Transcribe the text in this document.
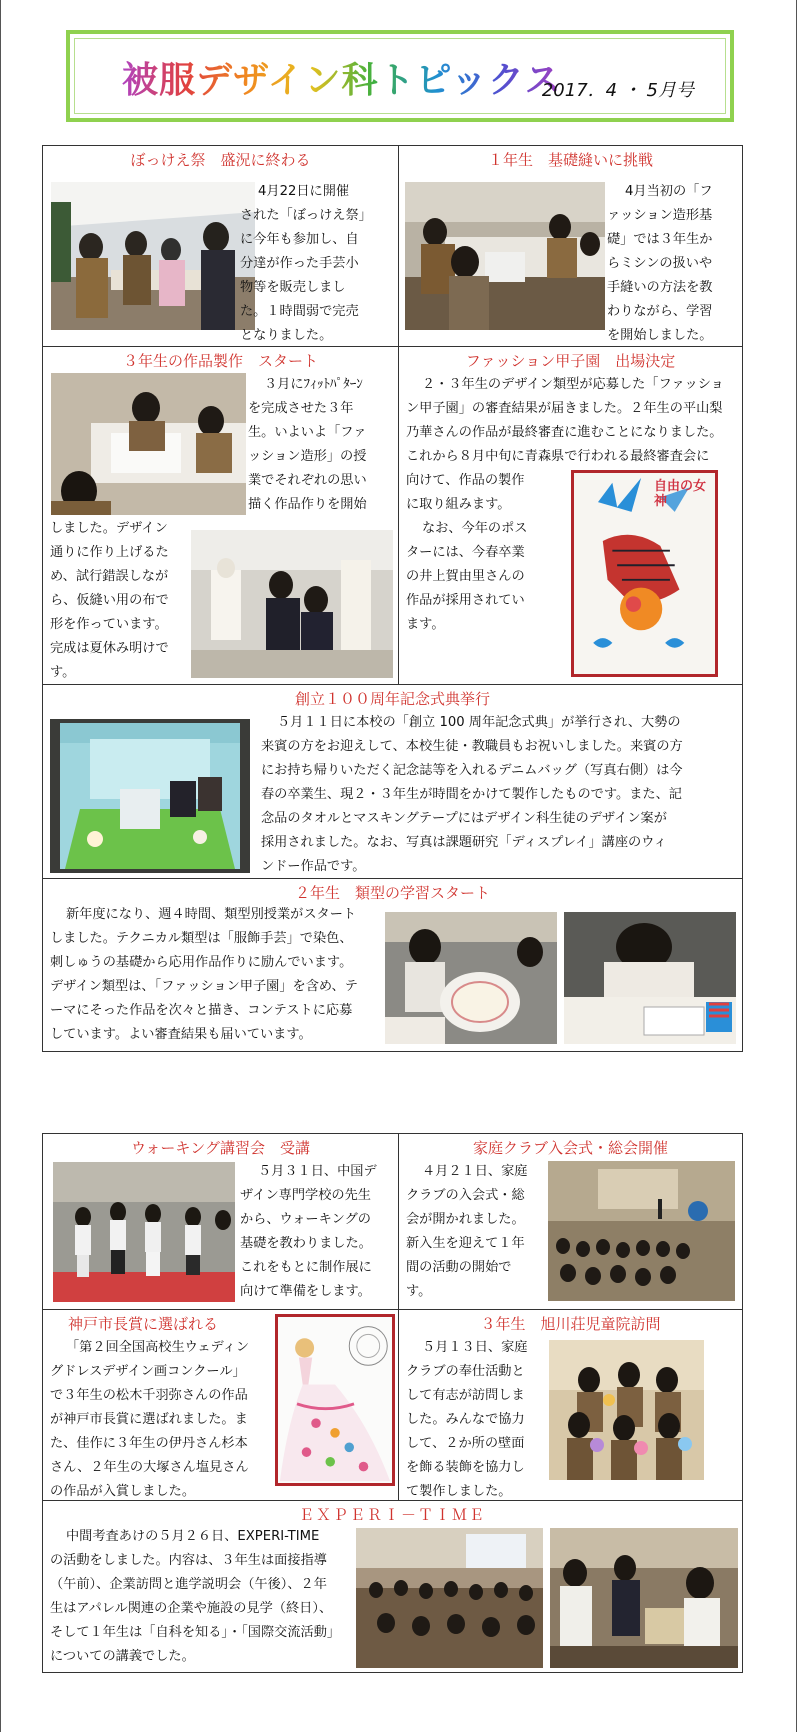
被服デザイン科トピックス
2017．4 ・ 5月号
ぼっけえ祭　盛況に終わる
4月22日に開催
された「ぼっけえ祭」
に今年も参加し、自
分達が作った手芸小
物等を販売しまし
た。１時間弱で完売
となりました。
１年生　基礎縫いに挑戦
4月当初の「フ
ァッション造形基
礎」では３年生か
らミシンの扱いや
手縫いの方法を教
わりながら、学習
を開始しました。
３年生の作品製作　スタート
３月にﾌｨｯﾄﾊﾟﾀｰﾝ
を完成させた３年
生。いよいよ「ファ
ッション造形」の授
業でそれぞれの思い
描く作品作りを開始
しました。デザイン
通りに作り上げるた
め、試行錯誤しなが
ら、仮縫い用の布で
形を作っています。
完成は夏休み明けで
す。
ファッション甲子園　出場決定
２・３年生のデザイン類型が応募した「ファッショ
ン甲子園」の審査結果が届きました。２年生の平山梨
乃華さんの作品が最終審査に進むことになりました。
これから８月中旬に青森県で行われる最終審査会に
向けて、作品の製作
に取り組みます。
なお、今年のポス
ターには、今春卒業
の井上賀由里さんの
作品が採用されてい
ます。
自由の女神
創立１００周年記念式典挙行
５月１１日に本校の「創立 100 周年記念式典」が挙行され、大勢の
来賓の方をお迎えして、本校生徒・教職員もお祝いしました。来賓の方
にお持ち帰りいただく記念誌等を入れるデニムバッグ（写真右側）は今
春の卒業生、現２・３年生が時間をかけて製作したものです。また、記
念品のタオルとマスキングテープにはデザイン科生徒のデザイン案が
採用されました。なお、写真は課題研究「ディスプレイ」講座のウィ
ンドー作品です。
２年生　類型の学習スタート
新年度になり、週４時間、類型別授業がスタート
しました。テクニカル類型は「服飾手芸」で染色、
刺しゅうの基礎から応用作品作りに励んでいます。
デザイン類型は、「ファッション甲子園」を含め、テ
ーマにそった作品を次々と描き、コンテストに応募
しています。よい審査結果も届いています。
ウォーキング講習会　受講
５月３１日、中国デ
ザイン専門学校の先生
から、ウォーキングの
基礎を教わりました。
これをもとに制作展に
向けて準備をします。
家庭クラブ入会式・総会開催
４月２１日、家庭
クラブの入会式・総
会が開かれました。
新入生を迎えて１年
間の活動の開始で
す。
神戸市長賞に選ばれる
「第２回全国高校生ウェディン
グドレスデザイン画コンクール」
で３年生の松木千羽弥さんの作品
が神戸市長賞に選ばれました。ま
た、佳作に３年生の伊丹さん杉本
さん、２年生の大塚さん塩見さん
の作品が入賞しました。
３年生　旭川荘児童院訪問
５月１３日、家庭
クラブの奉仕活動と
して有志が訪問しま
した。みんなで協力
して、２か所の壁面
を飾る装飾を協力し
て製作しました。
ＥＸＰＥＲＩ－ＴＩＭＥ
中間考査あけの５月２６日、EXPERI-TIME
の活動をしました。内容は、３年生は面接指導
（午前）、企業訪問と進学説明会（午後）、２年
生はアパレル関連の企業や施設の見学（終日）、
そして１年生は「自科を知る」・「国際交流活動」
についての講義でした。
